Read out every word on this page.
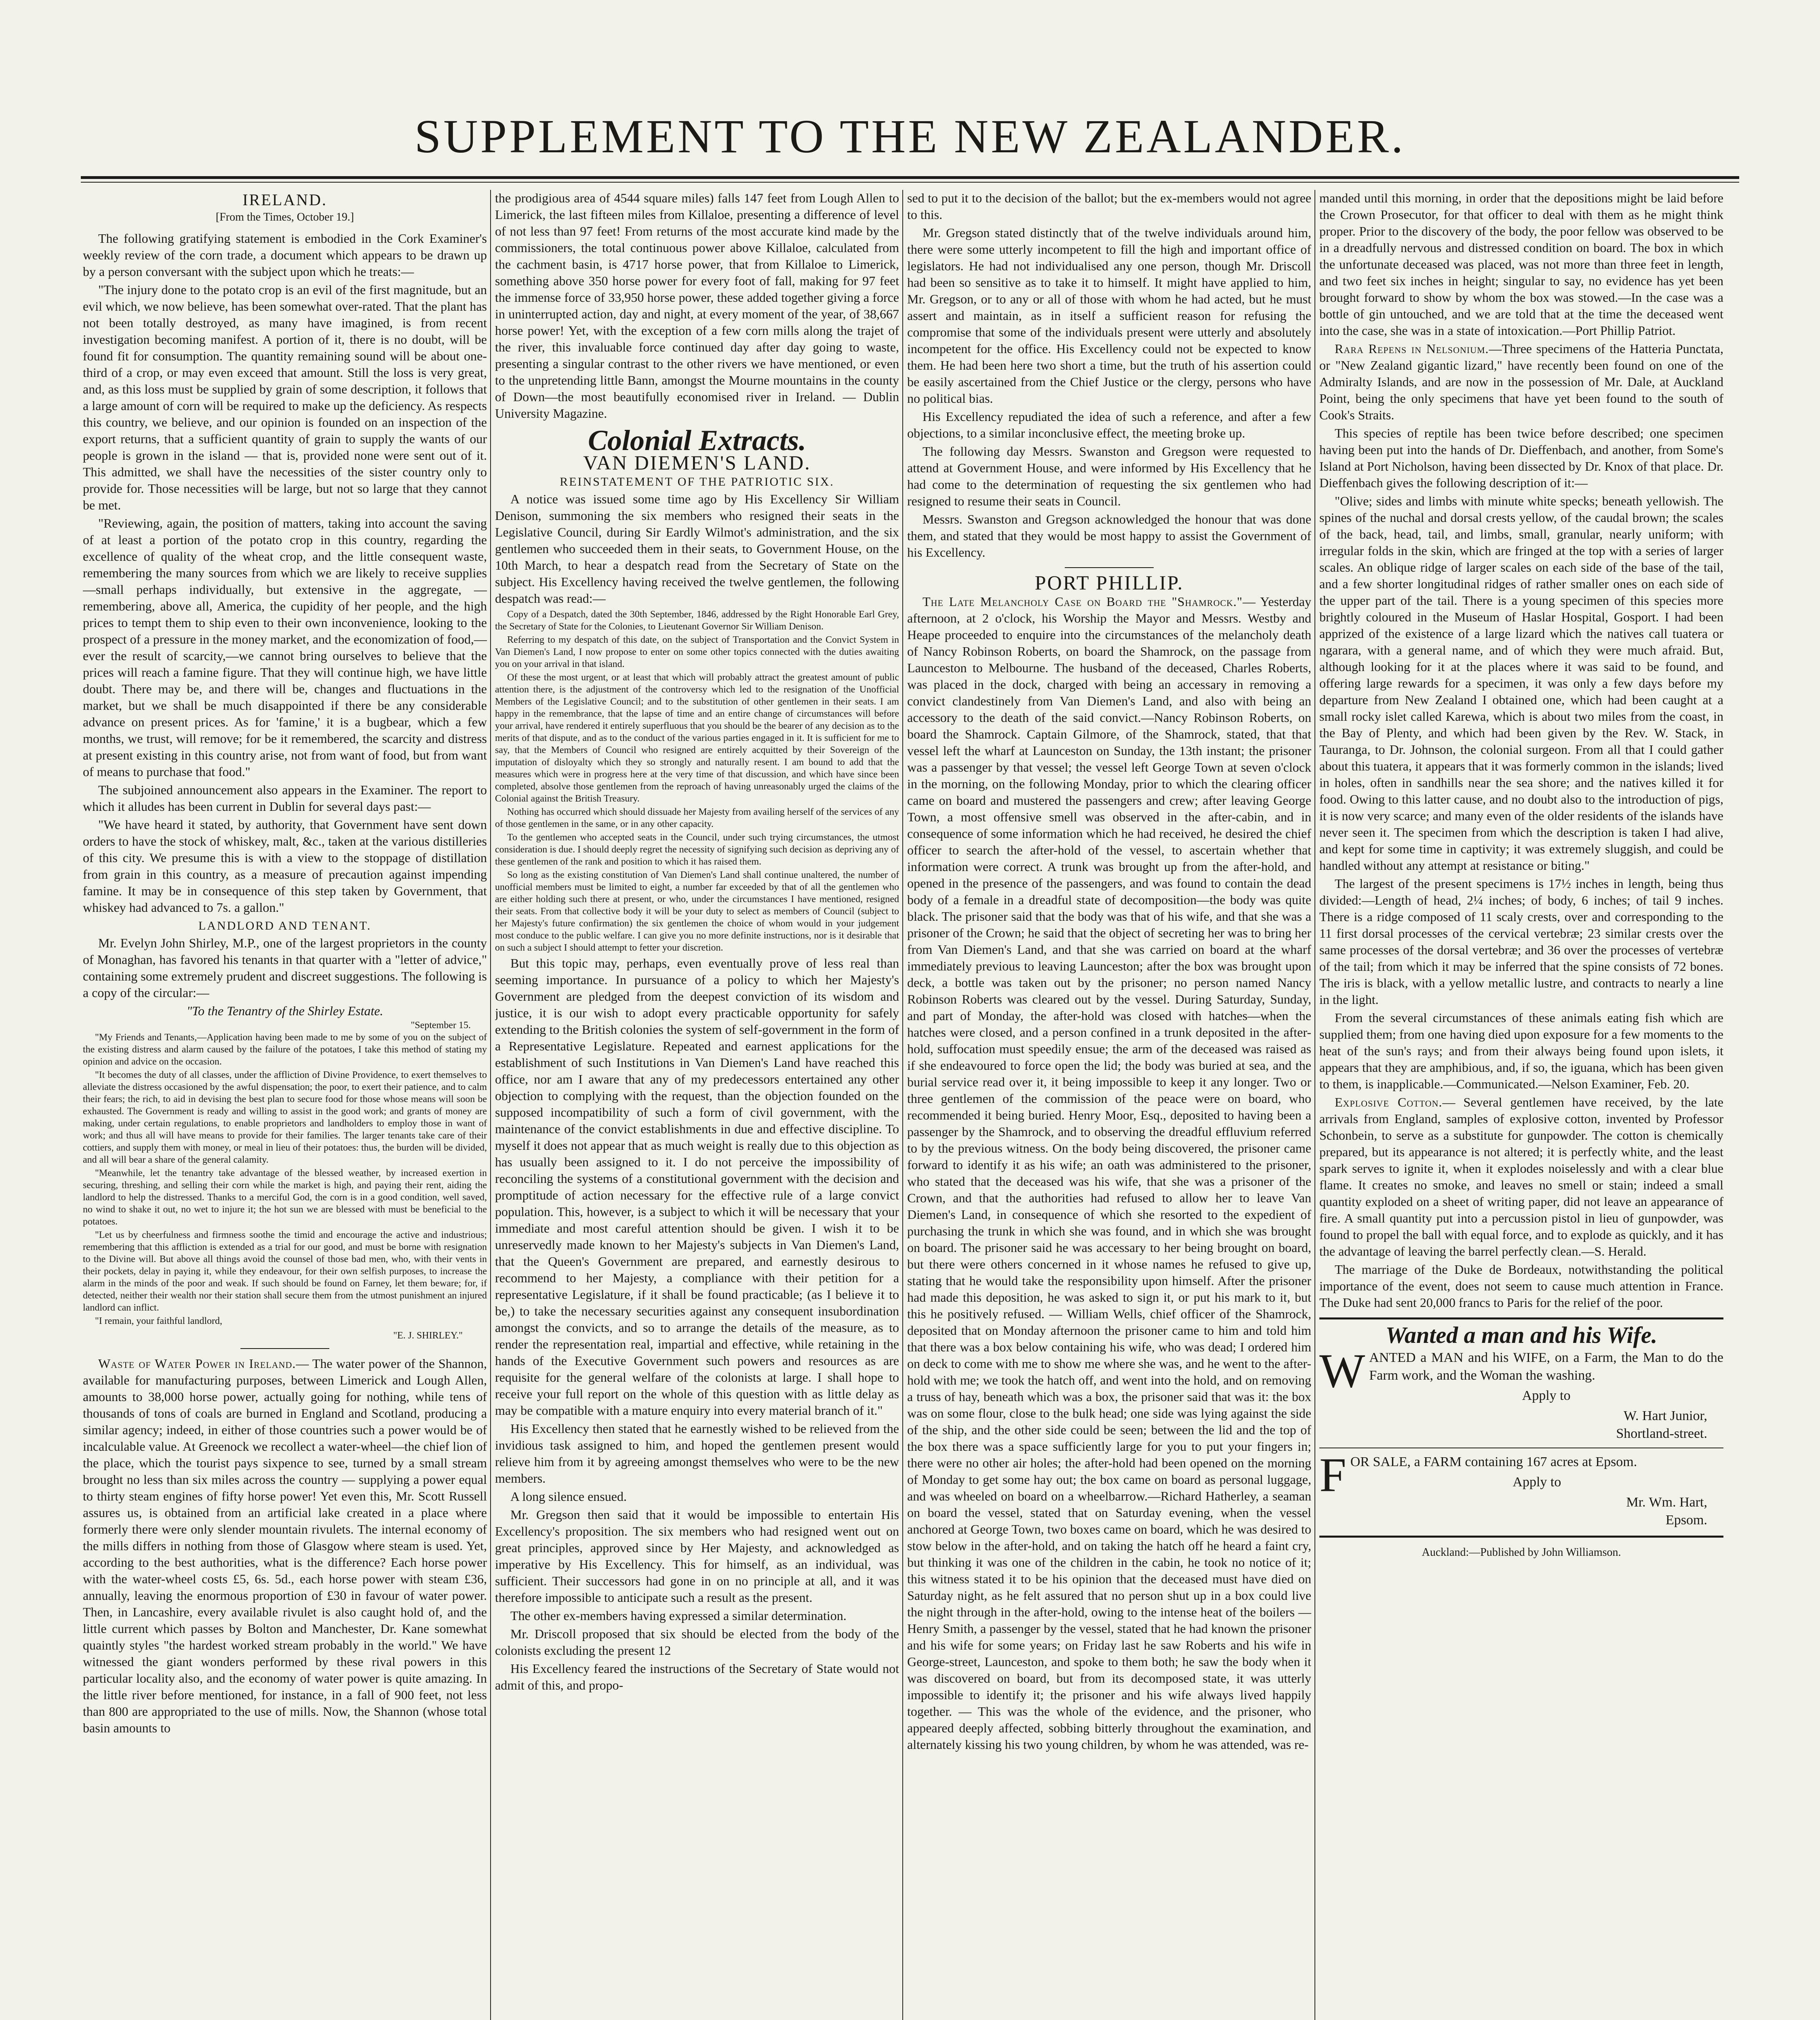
SUPPLEMENT TO THE NEW ZEALANDER.
IRELAND.
[From the Times, October 19.]

The following gratifying statement is embodied in the Cork Examiner's weekly review of the corn trade, a document which appears to be drawn up by a person conversant with the subject upon which he treats:—

"The injury done to the potato crop is an evil of the first magnitude, but an evil which, we now believe, has been somewhat over-rated. That the plant has not been totally destroyed, as many have imagined, is from recent investigation becoming manifest. A portion of it, there is no doubt, will be found fit for consumption. The quantity remaining sound will be about one-third of a crop, or may even exceed that amount. Still the loss is very great, and, as this loss must be supplied by grain of some description, it follows that a large amount of corn will be required to make up the deficiency. As respects this country, we believe, and our opinion is founded on an inspection of the export returns, that a sufficient quantity of grain to supply the wants of our people is grown in the island — that is, provided none were sent out of it. This admitted, we shall have the necessities of the sister country only to provide for. Those necessities will be large, but not so large that they cannot be met.

"Reviewing, again, the position of matters, taking into account the saving of at least a portion of the potato crop in this country, regarding the excellence of quality of the wheat crop, and the little consequent waste, remembering the many sources from which we are likely to receive supplies—small perhaps individually, but extensive in the aggregate, — remembering, above all, America, the cupidity of her people, and the high prices to tempt them to ship even to their own inconvenience, looking to the prospect of a pressure in the money market, and the economization of food,—ever the result of scarcity,—we cannot bring ourselves to believe that the prices will reach a famine figure. That they will continue high, we have little doubt. There may be, and there will be, changes and fluctuations in the market, but we shall be much disappointed if there be any considerable advance on present prices. As for 'famine,' it is a bugbear, which a few months, we trust, will remove; for be it remembered, the scarcity and distress at present existing in this country arise, not from want of food, but from want of means to purchase that food."

The subjoined announcement also appears in the Examiner. The report to which it alludes has been current in Dublin for several days past:—

"We have heard it stated, by authority, that Government have sent down orders to have the stock of whiskey, malt, &c., taken at the various distilleries of this city. We presume this is with a view to the stoppage of distillation from grain in this country, as a measure of precaution against impending famine. It may be in consequence of this step taken by Government, that whiskey had advanced to 7s. a gallon."

LANDLORD AND TENANT.

Mr. Evelyn John Shirley, M.P., one of the largest proprietors in the county of Monaghan, has favored his tenants in that quarter with a "letter of advice," containing some extremely prudent and discreet suggestions. The following is a copy of the circular:—

"To the Tenantry of the Shirley Estate.
"September 15.

"My Friends and Tenants,—Application having been made to me by some of you on the subject of the existing distress and alarm caused by the failure of the potatoes, I take this method of stating my opinion and advice on the occasion.

"It becomes the duty of all classes, under the affliction of Divine Providence, to exert themselves to alleviate the distress occasioned by the awful dispensation; the poor, to exert their patience, and to calm their fears; the rich, to aid in devising the best plan to secure food for those whose means will soon be exhausted. The Government is ready and willing to assist in the good work; and grants of money are making, under certain regulations, to enable proprietors and landholders to employ those in want of work; and thus all will have means to provide for their families. The larger tenants take care of their cottiers, and supply them with money, or meal in lieu of their potatoes: thus, the burden will be divided, and all will bear a share of the general calamity.

"Meanwhile, let the tenantry take advantage of the blessed weather, by increased exertion in securing, threshing, and selling their corn while the market is high, and paying their rent, aiding the landlord to help the distressed. Thanks to a merciful God, the corn is in a good condition, well saved, no wind to shake it out, no wet to injure it; the hot sun we are blessed with must be beneficial to the potatoes.

"Let us by cheerfulness and firmness soothe the timid and encourage the active and industrious; remembering that this affliction is extended as a trial for our good, and must be borne with resignation to the Divine will. But above all things avoid the counsel of those bad men, who, with their vents in their pockets, delay in paying it, while they endeavour, for their own selfish purposes, to increase the alarm in the minds of the poor and weak. If such should be found on Farney, let them beware; for, if detected, neither their wealth nor their station shall secure them from the utmost punishment an injured landlord can inflict.

"I remain, your faithful landlord,

"E. J. SHIRLEY."

Waste of Water Power in Ireland.— The water power of the Shannon, available for manufacturing purposes, between Limerick and Lough Allen, amounts to 38,000 horse power, actually going for nothing, while tens of thousands of tons of coals are burned in England and Scotland, producing a similar agency; indeed, in either of those countries such a power would be of incalculable value. At Greenock we recollect a water-wheel—the chief lion of the place, which the tourist pays sixpence to see, turned by a small stream brought no less than six miles across the country — supplying a power equal to thirty steam engines of fifty horse power! Yet even this, Mr. Scott Russell assures us, is obtained from an artificial lake created in a place where formerly there were only slender mountain rivulets. The internal economy of the mills differs in nothing from those of Glasgow where steam is used. Yet, according to the best authorities, what is the difference? Each horse power with the water-wheel costs £5, 6s. 5d., each horse power with steam £36, annually, leaving the enormous proportion of £30 in favour of water power. Then, in Lancashire, every available rivulet is also caught hold of, and the little current which passes by Bolton and Manchester, Dr. Kane somewhat quaintly styles "the hardest worked stream probably in the world." We have witnessed the giant wonders performed by these rival powers in this particular locality also, and the economy of water power is quite amazing. In the little river before mentioned, for instance, in a fall of 900 feet, not less than 800 are appropriated to the use of mills. Now, the Shannon (whose total basin amounts to

the prodigious area of 4544 square miles) falls 147 feet from Lough Allen to Limerick, the last fifteen miles from Killaloe, presenting a difference of level of not less than 97 feet! From returns of the most accurate kind made by the commissioners, the total continuous power above Killaloe, calculated from the cachment basin, is 4717 horse power, that from Killaloe to Limerick, something above 350 horse power for every foot of fall, making for 97 feet the immense force of 33,950 horse power, these added together giving a force in uninterrupted action, day and night, at every moment of the year, of 38,667 horse power! Yet, with the exception of a few corn mills along the trajet of the river, this invaluable force continued day after day going to waste, presenting a singular contrast to the other rivers we have mentioned, or even to the unpretending little Bann, amongst the Mourne mountains in the county of Down—the most beautifully economised river in Ireland. — Dublin University Magazine.

Colonial Extracts.
VAN DIEMEN'S LAND.
REINSTATEMENT OF THE PATRIOTIC SIX.

A notice was issued some time ago by His Excellency Sir William Denison, summoning the six members who resigned their seats in the Legislative Council, during Sir Eardly Wilmot's administration, and the six gentlemen who succeeded them in their seats, to Government House, on the 10th March, to hear a despatch read from the Secretary of State on the subject. His Excellency having received the twelve gentlemen, the following despatch was read:—

Copy of a Despatch, dated the 30th September, 1846, addressed by the Right Honorable Earl Grey, the Secretary of State for the Colonies, to Lieutenant Governor Sir William Denison.

Referring to my despatch of this date, on the subject of Transportation and the Convict System in Van Diemen's Land, I now propose to enter on some other topics connected with the duties awaiting you on your arrival in that island.

Of these the most urgent, or at least that which will probably attract the greatest amount of public attention there, is the adjustment of the controversy which led to the resignation of the Unofficial Members of the Legislative Council; and to the substitution of other gentlemen in their seats. I am happy in the remembrance, that the lapse of time and an entire change of circumstances will before your arrival, have rendered it entirely superfluous that you should be the bearer of any decision as to the merits of that dispute, and as to the conduct of the various parties engaged in it. It is sufficient for me to say, that the Members of Council who resigned are entirely acquitted by their Sovereign of the imputation of disloyalty which they so strongly and naturally resent. I am bound to add that the measures which were in progress here at the very time of that discussion, and which have since been completed, absolve those gentlemen from the reproach of having unreasonably urged the claims of the Colonial against the British Treasury.

Nothing has occurred which should dissuade her Majesty from availing herself of the services of any of those gentlemen in the same, or in any other capacity.

To the gentlemen who accepted seats in the Council, under such trying circumstances, the utmost consideration is due. I should deeply regret the necessity of signifying such decision as depriving any of these gentlemen of the rank and position to which it has raised them.

So long as the existing constitution of Van Diemen's Land shall continue unaltered, the number of unofficial members must be limited to eight, a number far exceeded by that of all the gentlemen who are either holding such there at present, or who, under the circumstances I have mentioned, resigned their seats. From that collective body it will be your duty to select as members of Council (subject to her Majesty's future confirmation) the six gentlemen the choice of whom would in your judgement most conduce to the public welfare. I can give you no more definite instructions, nor is it desirable that on such a subject I should attempt to fetter your discretion.

But this topic may, perhaps, even eventually prove of less real than seeming importance. In pursuance of a policy to which her Majesty's Government are pledged from the deepest conviction of its wisdom and justice, it is our wish to adopt every practicable opportunity for safely extending to the British colonies the system of self-government in the form of a Representative Legislature. Repeated and earnest applications for the establishment of such Institutions in Van Diemen's Land have reached this office, nor am I aware that any of my predecessors entertained any other objection to complying with the request, than the objection founded on the supposed incompatibility of such a form of civil government, with the maintenance of the convict establishments in due and effective discipline. To myself it does not appear that as much weight is really due to this objection as has usually been assigned to it. I do not perceive the impossibility of reconciling the systems of a constitutional government with the decision and promptitude of action necessary for the effective rule of a large convict population. This, however, is a subject to which it will be necessary that your immediate and most careful attention should be given. I wish it to be unreservedly made known to her Majesty's subjects in Van Diemen's Land, that the Queen's Government are prepared, and earnestly desirous to recommend to her Majesty, a compliance with their petition for a representative Legislature, if it shall be found practicable; (as I believe it to be,) to take the necessary securities against any consequent insubordination amongst the convicts, and so to arrange the details of the measure, as to render the representation real, impartial and effective, while retaining in the hands of the Executive Government such powers and resources as are requisite for the general welfare of the colonists at large. I shall hope to receive your full report on the whole of this question with as little delay as may be compatible with a mature enquiry into every material branch of it."

His Excellency then stated that he earnestly wished to be relieved from the invidious task assigned to him, and hoped the gentlemen present would relieve him from it by agreeing amongst themselves who were to be the new members.

A long silence ensued.

Mr. Gregson then said that it would be impossible to entertain His Excellency's proposition. The six members who had resigned went out on great principles, approved since by Her Majesty, and acknowledged as imperative by His Excellency. This for himself, as an individual, was sufficient. Their successors had gone in on no principle at all, and it was therefore impossible to anticipate such a result as the present.

The other ex-members having expressed a similar determination.

Mr. Driscoll proposed that six should be elected from the body of the colonists excluding the present 12

His Excellency feared the instructions of the Secretary of State would not admit of this, and propo-

sed to put it to the decision of the ballot; but the ex-members would not agree to this.

Mr. Gregson stated distinctly that of the twelve individuals around him, there were some utterly incompetent to fill the high and important office of legislators. He had not individualised any one person, though Mr. Driscoll had been so sensitive as to take it to himself. It might have applied to him, Mr. Gregson, or to any or all of those with whom he had acted, but he must assert and maintain, as in itself a sufficient reason for refusing the compromise that some of the individuals present were utterly and absolutely incompetent for the office. His Excellency could not be expected to know them. He had been here two short a time, but the truth of his assertion could be easily ascertained from the Chief Justice or the clergy, persons who have no political bias.

His Excellency repudiated the idea of such a reference, and after a few objections, to a similar inconclusive effect, the meeting broke up.

The following day Messrs. Swanston and Gregson were requested to attend at Government House, and were informed by His Excellency that he had come to the determination of requesting the six gentlemen who had resigned to resume their seats in Council.

Messrs. Swanston and Gregson acknowledged the honour that was done them, and stated that they would be most happy to assist the Government of his Excellency.

PORT PHILLIP.

The Late Melancholy Case on Board the "Shamrock."— Yesterday afternoon, at 2 o'clock, his Worship the Mayor and Messrs. Westby and Heape proceeded to enquire into the circumstances of the melancholy death of Nancy Robinson Roberts, on board the Shamrock, on the passage from Launceston to Melbourne. The husband of the deceased, Charles Roberts, was placed in the dock, charged with being an accessary in removing a convict clandestinely from Van Diemen's Land, and also with being an accessory to the death of the said convict.—Nancy Robinson Roberts, on board the Shamrock. Captain Gilmore, of the Shamrock, stated, that that vessel left the wharf at Launceston on Sunday, the 13th instant; the prisoner was a passenger by that vessel; the vessel left George Town at seven o'clock in the morning, on the following Monday, prior to which the clearing officer came on board and mustered the passengers and crew; after leaving George Town, a most offensive smell was observed in the after-cabin, and in consequence of some information which he had received, he desired the chief officer to search the after-hold of the vessel, to ascertain whether that information were correct. A trunk was brought up from the after-hold, and opened in the presence of the passengers, and was found to contain the dead body of a female in a dreadful state of decomposition—the body was quite black. The prisoner said that the body was that of his wife, and that she was a prisoner of the Crown; he said that the object of secreting her was to bring her from Van Diemen's Land, and that she was carried on board at the wharf immediately previous to leaving Launceston; after the box was brought upon deck, a bottle was taken out by the prisoner; no person named Nancy Robinson Roberts was cleared out by the vessel. During Saturday, Sunday, and part of Monday, the after-hold was closed with hatches—when the hatches were closed, and a person confined in a trunk deposited in the after-hold, suffocation must speedily ensue; the arm of the deceased was raised as if she endeavoured to force open the lid; the body was buried at sea, and the burial service read over it, it being impossible to keep it any longer. Two or three gentlemen of the commission of the peace were on board, who recommended it being buried. Henry Moor, Esq., deposited to having been a passenger by the Shamrock, and to observing the dreadful effluvium referred to by the previous witness. On the body being discovered, the prisoner came forward to identify it as his wife; an oath was administered to the prisoner, who stated that the deceased was his wife, that she was a prisoner of the Crown, and that the authorities had refused to allow her to leave Van Diemen's Land, in consequence of which she resorted to the expedient of purchasing the trunk in which she was found, and in which she was brought on board. The prisoner said he was accessary to her being brought on board, but there were others concerned in it whose names he refused to give up, stating that he would take the responsibility upon himself. After the prisoner had made this deposition, he was asked to sign it, or put his mark to it, but this he positively refused. — William Wells, chief officer of the Shamrock, deposited that on Monday afternoon the prisoner came to him and told him that there was a box below containing his wife, who was dead; I ordered him on deck to come with me to show me where she was, and he went to the after-hold with me; we took the hatch off, and went into the hold, and on removing a truss of hay, beneath which was a box, the prisoner said that was it: the box was on some flour, close to the bulk head; one side was lying against the side of the ship, and the other side could be seen; between the lid and the top of the box there was a space sufficiently large for you to put your fingers in; there were no other air holes; the after-hold had been opened on the morning of Monday to get some hay out; the box came on board as personal luggage, and was wheeled on board on a wheelbarrow.—Richard Hatherley, a seaman on board the vessel, stated that on Saturday evening, when the vessel anchored at George Town, two boxes came on board, which he was desired to stow below in the after-hold, and on taking the hatch off he heard a faint cry, but thinking it was one of the children in the cabin, he took no notice of it; this witness stated it to be his opinion that the deceased must have died on Saturday night, as he felt assured that no person shut up in a box could live the night through in the after-hold, owing to the intense heat of the boilers —Henry Smith, a passenger by the vessel, stated that he had known the prisoner and his wife for some years; on Friday last he saw Roberts and his wife in George-street, Launceston, and spoke to them both; he saw the body when it was discovered on board, but from its decomposed state, it was utterly impossible to identify it; the prisoner and his wife always lived happily together. — This was the whole of the evidence, and the prisoner, who appeared deeply affected, sobbing bitterly throughout the examination, and alternately kissing his two young children, by whom he was attended, was re-

manded until this morning, in order that the depositions might be laid before the Crown Prosecutor, for that officer to deal with them as he might think proper. Prior to the discovery of the body, the poor fellow was observed to be in a dreadfully nervous and distressed condition on board. The box in which the unfortunate deceased was placed, was not more than three feet in length, and two feet six inches in height; singular to say, no evidence has yet been brought forward to show by whom the box was stowed.—In the case was a bottle of gin untouched, and we are told that at the time the deceased went into the case, she was in a state of intoxication.—Port Phillip Patriot.

Rara Repens in Nelsonium.—Three specimens of the Hatteria Punctata, or "New Zealand gigantic lizard," have recently been found on one of the Admiralty Islands, and are now in the possession of Mr. Dale, at Auckland Point, being the only specimens that have yet been found to the south of Cook's Straits.

This species of reptile has been twice before described; one specimen having been put into the hands of Dr. Dieffenbach, and another, from Some's Island at Port Nicholson, having been dissected by Dr. Knox of that place. Dr. Dieffenbach gives the following description of it:—

"Olive; sides and limbs with minute white specks; beneath yellowish. The spines of the nuchal and dorsal crests yellow, of the caudal brown; the scales of the back, head, tail, and limbs, small, granular, nearly uniform; with irregular folds in the skin, which are fringed at the top with a series of larger scales. An oblique ridge of larger scales on each side of the base of the tail, and a few shorter longitudinal ridges of rather smaller ones on each side of the upper part of the tail. There is a young specimen of this species more brightly coloured in the Museum of Haslar Hospital, Gosport. I had been apprized of the existence of a large lizard which the natives call tuatera or ngarara, with a general name, and of which they were much afraid. But, although looking for it at the places where it was said to be found, and offering large rewards for a specimen, it was only a few days before my departure from New Zealand I obtained one, which had been caught at a small rocky islet called Karewa, which is about two miles from the coast, in the Bay of Plenty, and which had been given by the Rev. W. Stack, in Tauranga, to Dr. Johnson, the colonial surgeon. From all that I could gather about this tuatera, it appears that it was formerly common in the islands; lived in holes, often in sandhills near the sea shore; and the natives killed it for food. Owing to this latter cause, and no doubt also to the introduction of pigs, it is now very scarce; and many even of the older residents of the islands have never seen it. The specimen from which the description is taken I had alive, and kept for some time in captivity; it was extremely sluggish, and could be handled without any attempt at resistance or biting."

The largest of the present specimens is 17½ inches in length, being thus divided:—Length of head, 2¼ inches; of body, 6 inches; of tail 9 inches. There is a ridge composed of 11 scaly crests, over and corresponding to the 11 first dorsal processes of the cervical vertebræ; 23 similar crests over the same processes of the dorsal vertebræ; and 36 over the processes of vertebræ of the tail; from which it may be inferred that the spine consists of 72 bones. The iris is black, with a yellow metallic lustre, and contracts to nearly a line in the light.

From the several circumstances of these animals eating fish which are supplied them; from one having died upon exposure for a few moments to the heat of the sun's rays; and from their always being found upon islets, it appears that they are amphibious, and, if so, the iguana, which has been given to them, is inapplicable.—Communicated.—Nelson Examiner, Feb. 20.

Explosive Cotton.— Several gentlemen have received, by the late arrivals from England, samples of explosive cotton, invented by Professor Schonbein, to serve as a substitute for gunpowder. The cotton is chemically prepared, but its appearance is not altered; it is perfectly white, and the least spark serves to ignite it, when it explodes noiselessly and with a clear blue flame. It creates no smoke, and leaves no smell or stain; indeed a small quantity exploded on a sheet of writing paper, did not leave an appearance of fire. A small quantity put into a percussion pistol in lieu of gunpowder, was found to propel the ball with equal force, and to explode as quickly, and it has the advantage of leaving the barrel perfectly clean.—S. Herald.

The marriage of the Duke de Bordeaux, notwithstanding the political importance of the event, does not seem to cause much attention in France. The Duke had sent 20,000 francs to Paris for the relief of the poor.

Wanted a man and his Wife.
WANTED a MAN and his WIFE, on a Farm, the Man to do the Farm work, and the Woman the washing.
Apply to
W. Hart Junior,
Shortland-street.
FOR SALE, a FARM containing 167 acres at Epsom.
Apply to
Mr. Wm. Hart,
Epsom.
Auckland:—Published by John Williamson.
